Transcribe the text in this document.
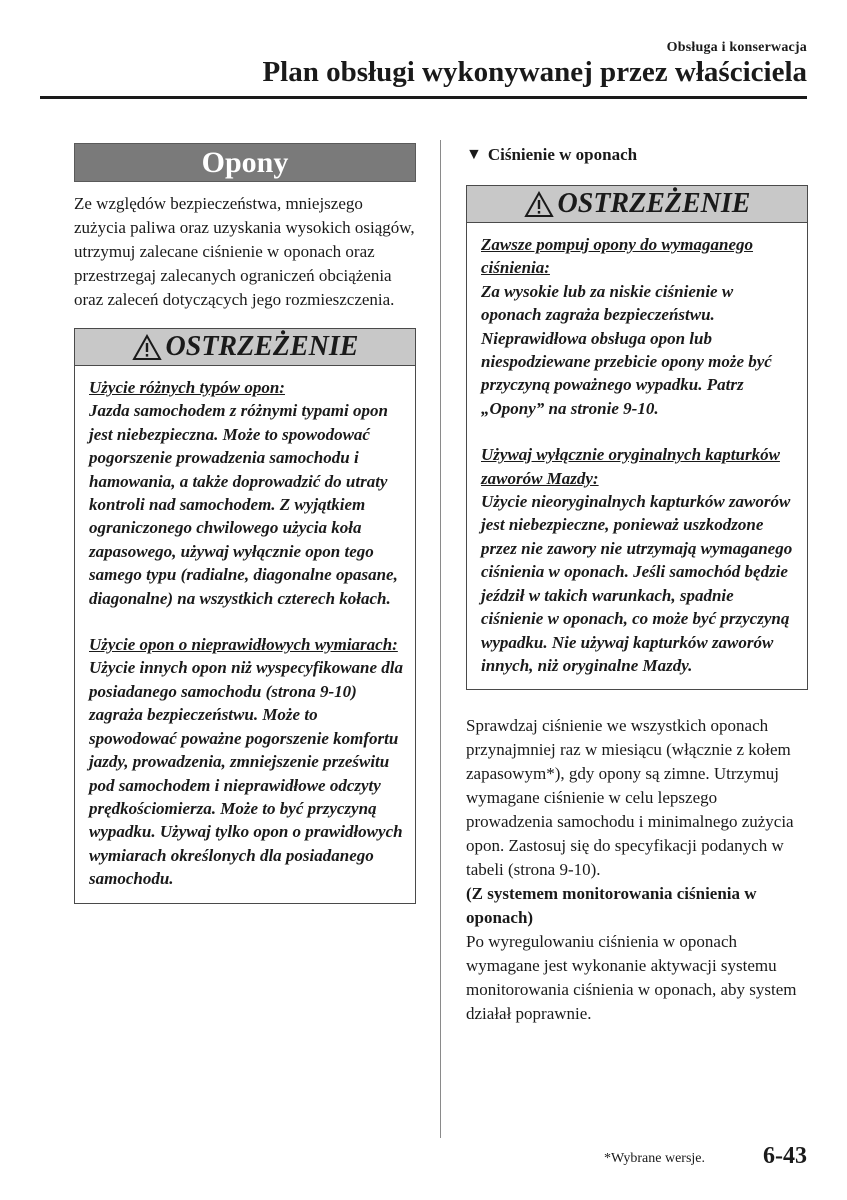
Obsługa i konserwacja
Plan obsługi wykonywanej przez właściciela
Opony

Ze względów bezpieczeństwa, mniejszego zużycia paliwa oraz uzyskania wysokich osiągów, utrzymuj zalecane ciśnienie w oponach oraz przestrzegaj zalecanych ograniczeń obciążenia oraz zaleceń dotyczących jego rozmieszczenia.

OSTRZEŻENIE

Użycie różnych typów opon:
Jazda samochodem z różnymi typami opon jest niebezpieczna. Może to spowodować pogorszenie prowadzenia samochodu i hamowania, a także doprowadzić do utraty kontroli nad samochodem. Z wyjątkiem ograniczonego chwilowego użycia koła zapasowego, używaj wyłącznie opon tego samego typu (radialne, diagonalne opasane, diagonalne) na wszystkich czterech kołach.

Użycie opon o nieprawidłowych wymiarach:
Użycie innych opon niż wyspecyfikowane dla posiadanego samochodu (strona 9-10) zagraża bezpieczeństwu. Może to spowodować poważne pogorszenie komfortu jazdy, prowadzenia, zmniejszenie prześwitu pod samochodem i nieprawidłowe odczyty prędkościomierza. Może to być przyczyną wypadku. Używaj tylko opon o prawidłowych wymiarach określonych dla posiadanego samochodu.

▼ Ciśnienie w oponach
OSTRZEŻENIE

Zawsze pompuj opony do wymaganego ciśnienia:
Za wysokie lub za niskie ciśnienie w oponach zagraża bezpieczeństwu. Nieprawidłowa obsługa opon lub niespodziewane przebicie opony może być przyczyną poważnego wypadku. Patrz „Opony” na stronie 9-10.

Używaj wyłącznie oryginalnych kapturków zaworów Mazdy:
Użycie nieoryginalnych kapturków zaworów jest niebezpieczne, ponieważ uszkodzone przez nie zawory nie utrzymają wymaganego ciśnienia w oponach. Jeśli samochód będzie jeździł w takich warunkach, spadnie ciśnienie w oponach, co może być przyczyną wypadku. Nie używaj kapturków zaworów innych, niż oryginalne Mazdy.

Sprawdzaj ciśnienie we wszystkich oponach przynajmniej raz w miesiącu (włącznie z kołem zapasowym*), gdy opony są zimne. Utrzymuj wymagane ciśnienie w celu lepszego prowadzenia samochodu i minimalnego zużycia opon. Zastosuj się do specyfikacji podanych w tabeli (strona 9-10).

(Z systemem monitorowania ciśnienia w oponach)

Po wyregulowaniu ciśnienia w oponach wymagane jest wykonanie aktywacji systemu monitorowania ciśnienia w oponach, aby system działał poprawnie.

*Wybrane wersje. 6-43
